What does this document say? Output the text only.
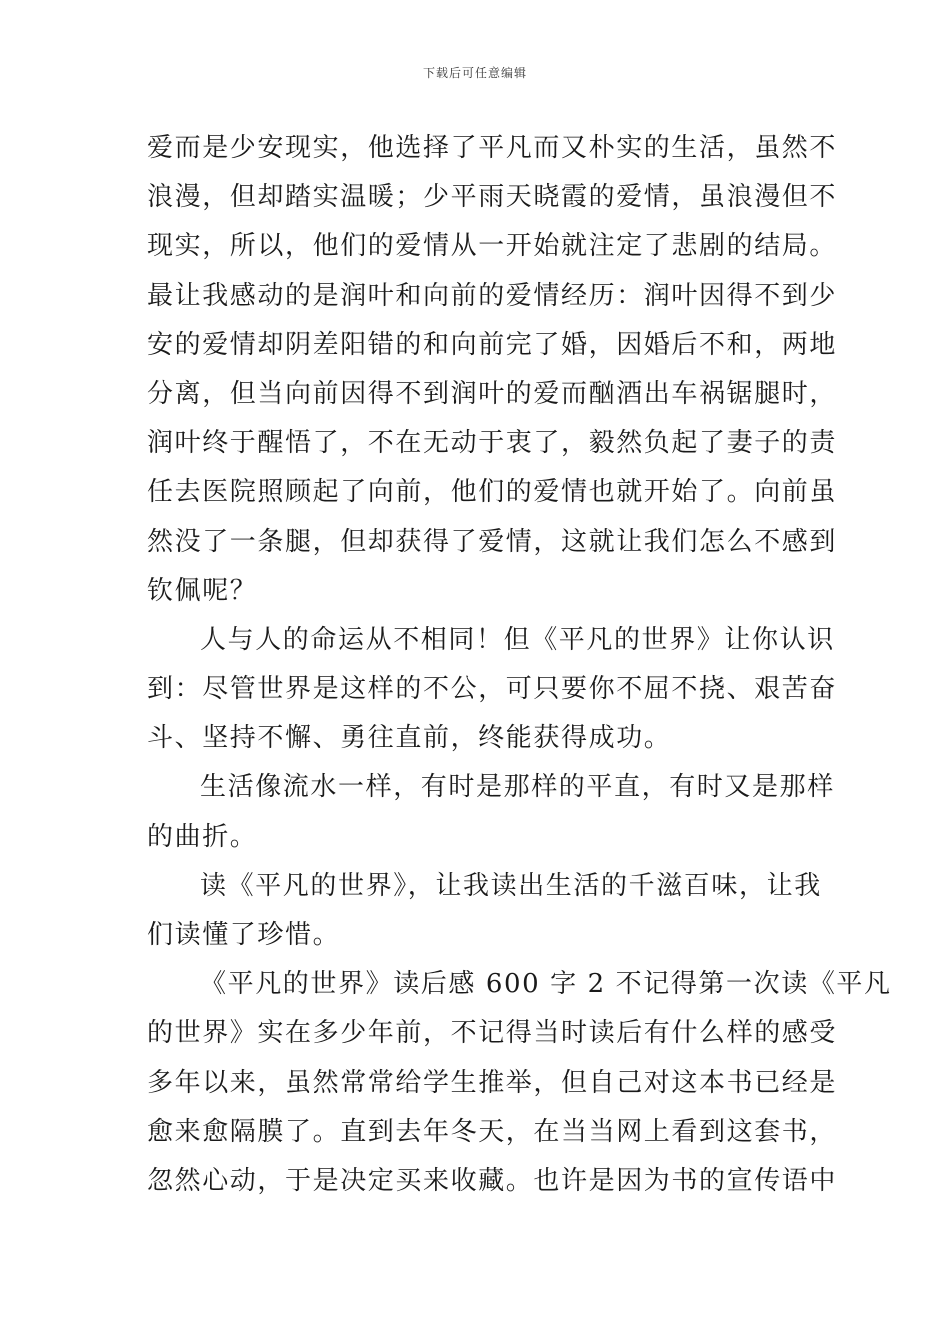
下载后可任意编辑
爱而是少安现实，他选择了平凡而又朴实的生活，虽然不
浪漫，但却踏实温暖；少平雨天晓霞的爱情，虽浪漫但不
现实，所以，他们的爱情从一开始就注定了悲剧的结局。
最让我感动的是润叶和向前的爱情经历：润叶因得不到少
安的爱情却阴差阳错的和向前完了婚，因婚后不和，两地
分离，但当向前因得不到润叶的爱而酗酒出车祸锯腿时，
润叶终于醒悟了，不在无动于衷了，毅然负起了妻子的责
任去医院照顾起了向前，他们的爱情也就开始了。向前虽
然没了一条腿，但却获得了爱情，这就让我们怎么不感到
钦佩呢？
人与人的命运从不相同！但《平凡的世界》让你认识
到：尽管世界是这样的不公，可只要你不屈不挠、艰苦奋
斗、坚持不懈、勇往直前，终能获得成功。
生活像流水一样，有时是那样的平直，有时又是那样
的曲折。
读《平凡的世界》，让我读出生活的千滋百味，让我
们读懂了珍惜。
《平凡的世界》读后感 600 字 2 不记得第一次读《平凡
的世界》实在多少年前，不记得当时读后有什么样的感受
多年以来，虽然常常给学生推举，但自己对这本书已经是
愈来愈隔膜了。直到去年冬天，在当当网上看到这套书，
忽然心动，于是决定买来收藏。也许是因为书的宣传语中
